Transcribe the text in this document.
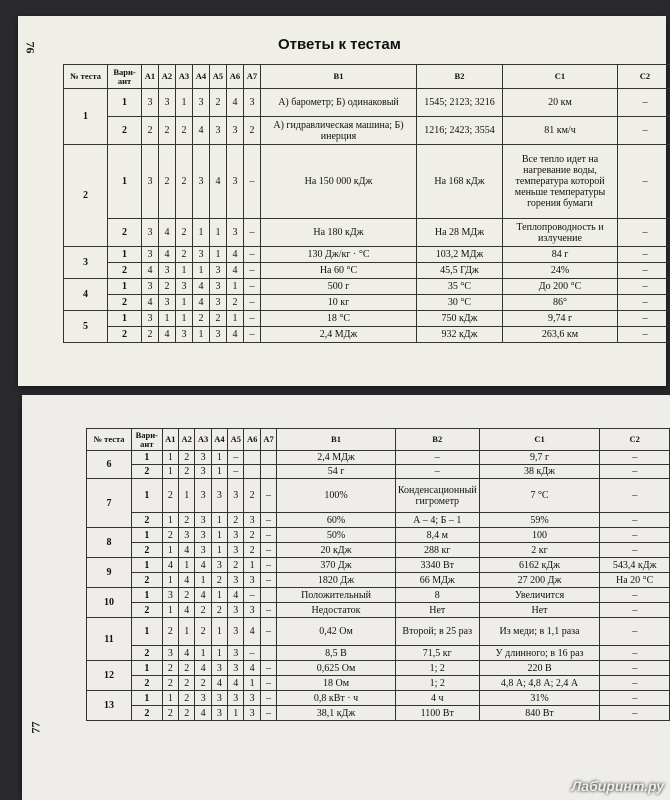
76	Ответы к тестам
№ теста	Вари-ант	А1	А2	А3	А4	А5	А6	А7	В1	В2	С1	С2
1	1	3	3	1	3	2	4	3	А) барометр; Б) одинаковый	1545; 2123; 3216	20 км	–
	2	2	2	2	4	3	3	2	А) гидравлическая машина; Б) инерция	1216; 2423; 3554	81 км/ч	–
2	1	3	2	2	3	4	3	–	На 150 000 кДж	На 168 кДж	Все тепло идет на нагревание воды, температура которой меньше температуры горения бумаги	–
	2	3	4	2	1	1	3	–	На 180 кДж	На 28 МДж	Теплопроводность и излучение	–
3	1	3	4	2	3	1	4	–	130 Дж/кг · °С	103,2 МДж	84 г	–
	2	4	3	1	1	3	4	–	На 60 °С	45,5 ГДж	24%	–
4	1	3	2	3	4	3	1	–	500 г	35 °С	До 200 °С	–
	2	4	3	1	4	3	2	–	10 кг	30 °С	86°	–
5	1	3	1	1	2	2	1	–	18 °С	750 кДж	9,74 г	–
	2	2	4	3	1	3	4	–	2,4 МДж	932 кДж	263,6 км	–
77
№ теста	Вари-ант	А1	А2	А3	А4	А5	А6	А7	В1	В2	С1	С2
6	1	1	2	3	1	–			2,4 МДж	–	9,7 г	–
	2	1	2	3	1	–			54 г	–	38 кДж	–
7	1	2	1	3	3	3	2	–	100%	Конденсационный гигрометр	7 °С	–
	2	1	2	3	1	2	3	–	60%	А – 4; Б – 1	59%	–
8	1	2	3	3	1	3	2	–	50%	8,4 м	100	–
	2	1	4	3	1	3	2	–	20 кДж	288 кг	2 кг	–
9	1	4	1	4	3	2	1	–	370 Дж	3340 Вт	6162 кДж	543,4 кДж
	2	1	4	1	2	3	3	–	1820 Дж	66 МДж	27 200 Дж	На 20 °С
10	1	3	2	4	1	4	–		Положительный	8	Увеличится	–
	2	1	4	2	2	3	3	–	Недостаток	Нет	Нет	–
11	1	2	1	2	1	3	4	–	0,42 Ом	Второй; в 25 раз	Из меди; в 1,1 раза	–
	2	3	4	1	1	3	–		8,5 В	71,5 кг	У длинного; в 16 раз	–
12	1	2	2	4	3	3	4	–	0,625 Ом	1; 2	220 В	–
	2	2	2	2	4	4	1	–	18 Ом	1; 2	4,8 А; 4,8 А; 2,4 А	–
13	1	1	2	3	3	3	3	–	0,8 кВт · ч	4 ч	31%	–
	2	2	2	4	3	1	3	–	38,1 кДж	1100 Вт	840 Вт	–
Лабиринт.ру
